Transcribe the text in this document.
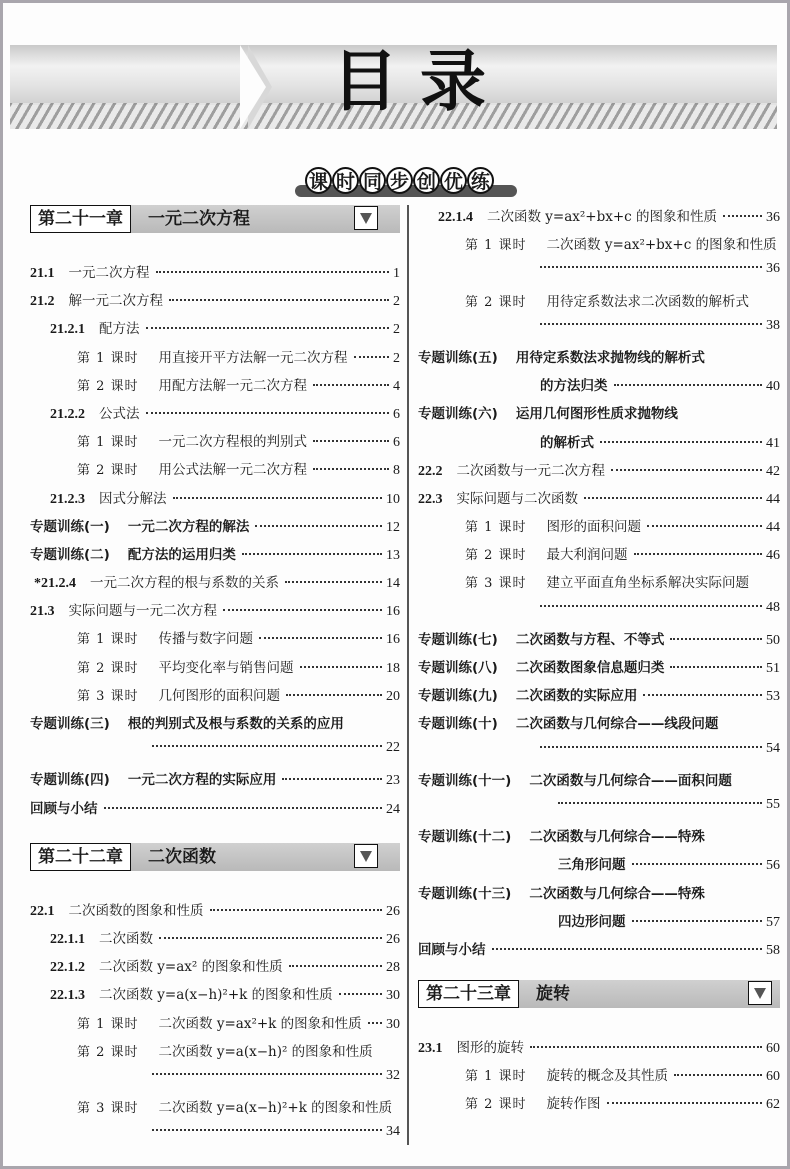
目录
课 时 同 步 创 优 练
第二十一章	一元二次方程
21.1 一元二次方程	1
21.2 解一元二次方程	2
21.2.1 配方法	2
第 1 课时 用直接开平方法解一元二次方程	2
第 2 课时 用配方法解一元二次方程	4
21.2.2 公式法	6
第 1 课时 一元二次方程根的判别式	6
第 2 课时 用公式法解一元二次方程	8
21.2.3 因式分解法	10
专题训练(一) 一元二次方程的解法	12
专题训练(二) 配方法的运用归类	13
*21.2.4 一元二次方程的根与系数的关系	14
21.3 实际问题与一元二次方程	16
第 1 课时 传播与数字问题	16
第 2 课时 平均变化率与销售问题	18
第 3 课时 几何图形的面积问题	20
专题训练(三) 根的判别式及根与系数的关系的应用
22
专题训练(四) 一元二次方程的实际应用	23
回顾与小结	24
第二十二章	二次函数
22.1 二次函数的图象和性质	26
22.1.1 二次函数	26
22.1.2 二次函数 y=ax² 的图象和性质	28
22.1.3 二次函数 y=a(x−h)²+k 的图象和性质	30
第 1 课时 二次函数 y=ax²+k 的图象和性质 30
第 2 课时 二次函数 y=a(x−h)² 的图象和性质
32
第 3 课时 二次函数 y=a(x−h)²+k 的图象和性质
34
22.1.4 二次函数 y=ax²+bx+c 的图象和性质	36
第 1 课时 二次函数 y=ax²+bx+c 的图象和性质
36
第 2 课时 用待定系数法求二次函数的解析式
38
专题训练(五) 用待定系数法求抛物线的解析式
的方法归类	40
专题训练(六) 运用几何图形性质求抛物线
的解析式	41
22.2 二次函数与一元二次方程	42
22.3 实际问题与二次函数	44
第 1 课时 图形的面积问题	44
第 2 课时 最大利润问题	46
第 3 课时 建立平面直角坐标系解决实际问题
48
专题训练(七) 二次函数与方程、不等式	50
专题训练(八) 二次函数图象信息题归类	51
专题训练(九) 二次函数的实际应用	53
专题训练(十) 二次函数与几何综合——线段问题
54
专题训练(十一) 二次函数与几何综合——面积问题
55
专题训练(十二) 二次函数与几何综合——特殊
三角形问题	56
专题训练(十三) 二次函数与几何综合——特殊
四边形问题	57
回顾与小结	58
第二十三章	旋转
23.1 图形的旋转	60
第 1 课时 旋转的概念及其性质	60
第 2 课时 旋转作图	62
